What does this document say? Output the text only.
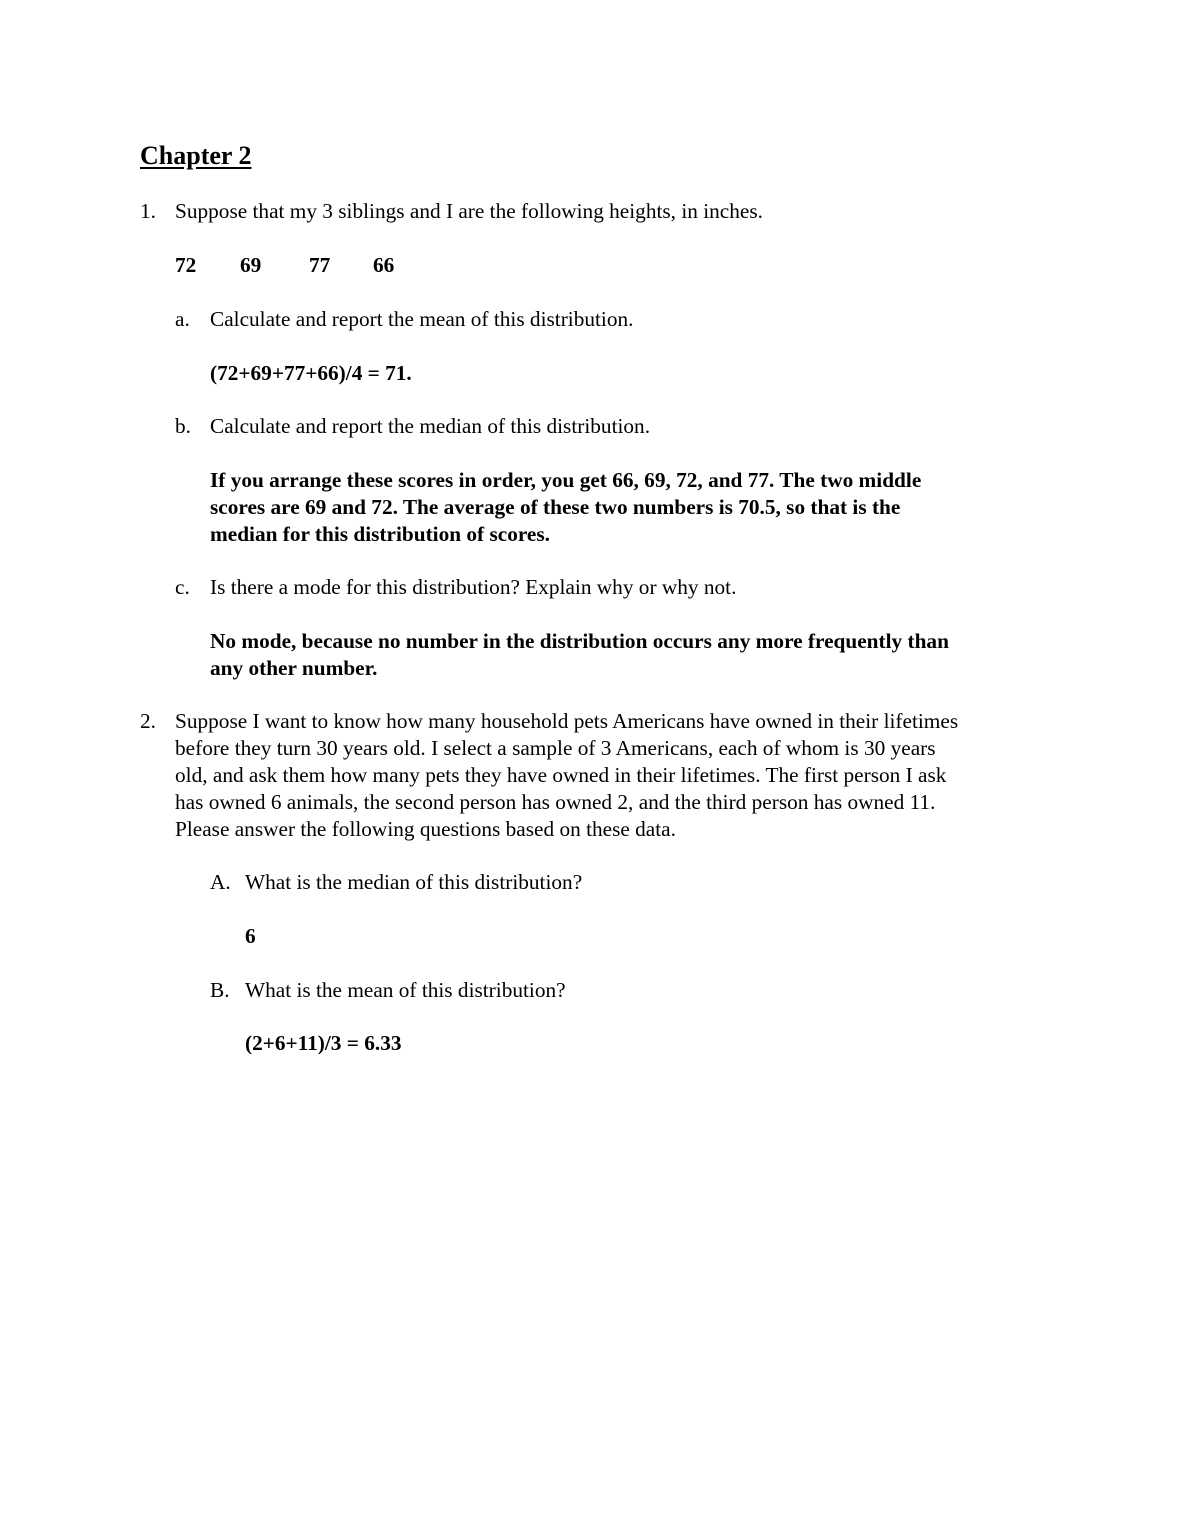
Chapter 2
1. Suppose that my 3 siblings and I are the following heights, in inches.

72 69 77 66
a. Calculate and report the mean of this distribution.

(72+69+77+66)/4 = 71.

b. Calculate and report the median of this distribution.

If you arrange these scores in order, you get 66, 69, 72, and 77. The two middle
scores are 69 and 72. The average of these two numbers is 70.5, so that is the
median for this distribution of scores.
c. Is there a mode for this distribution? Explain why or why not.

No mode, because no number in the distribution occurs any more frequently than
any other number.
2. Suppose I want to know how many household pets Americans have owned in their lifetimes
before they turn 30 years old. I select a sample of 3 Americans, each of whom is 30 years
old, and ask them how many pets they have owned in their lifetimes. The first person I ask
has owned 6 animals, the second person has owned 2, and the third person has owned 11.
Please answer the following questions based on these data.
A. What is the median of this distribution?

6

B. What is the mean of this distribution?

(2+6+11)/3 = 6.33
